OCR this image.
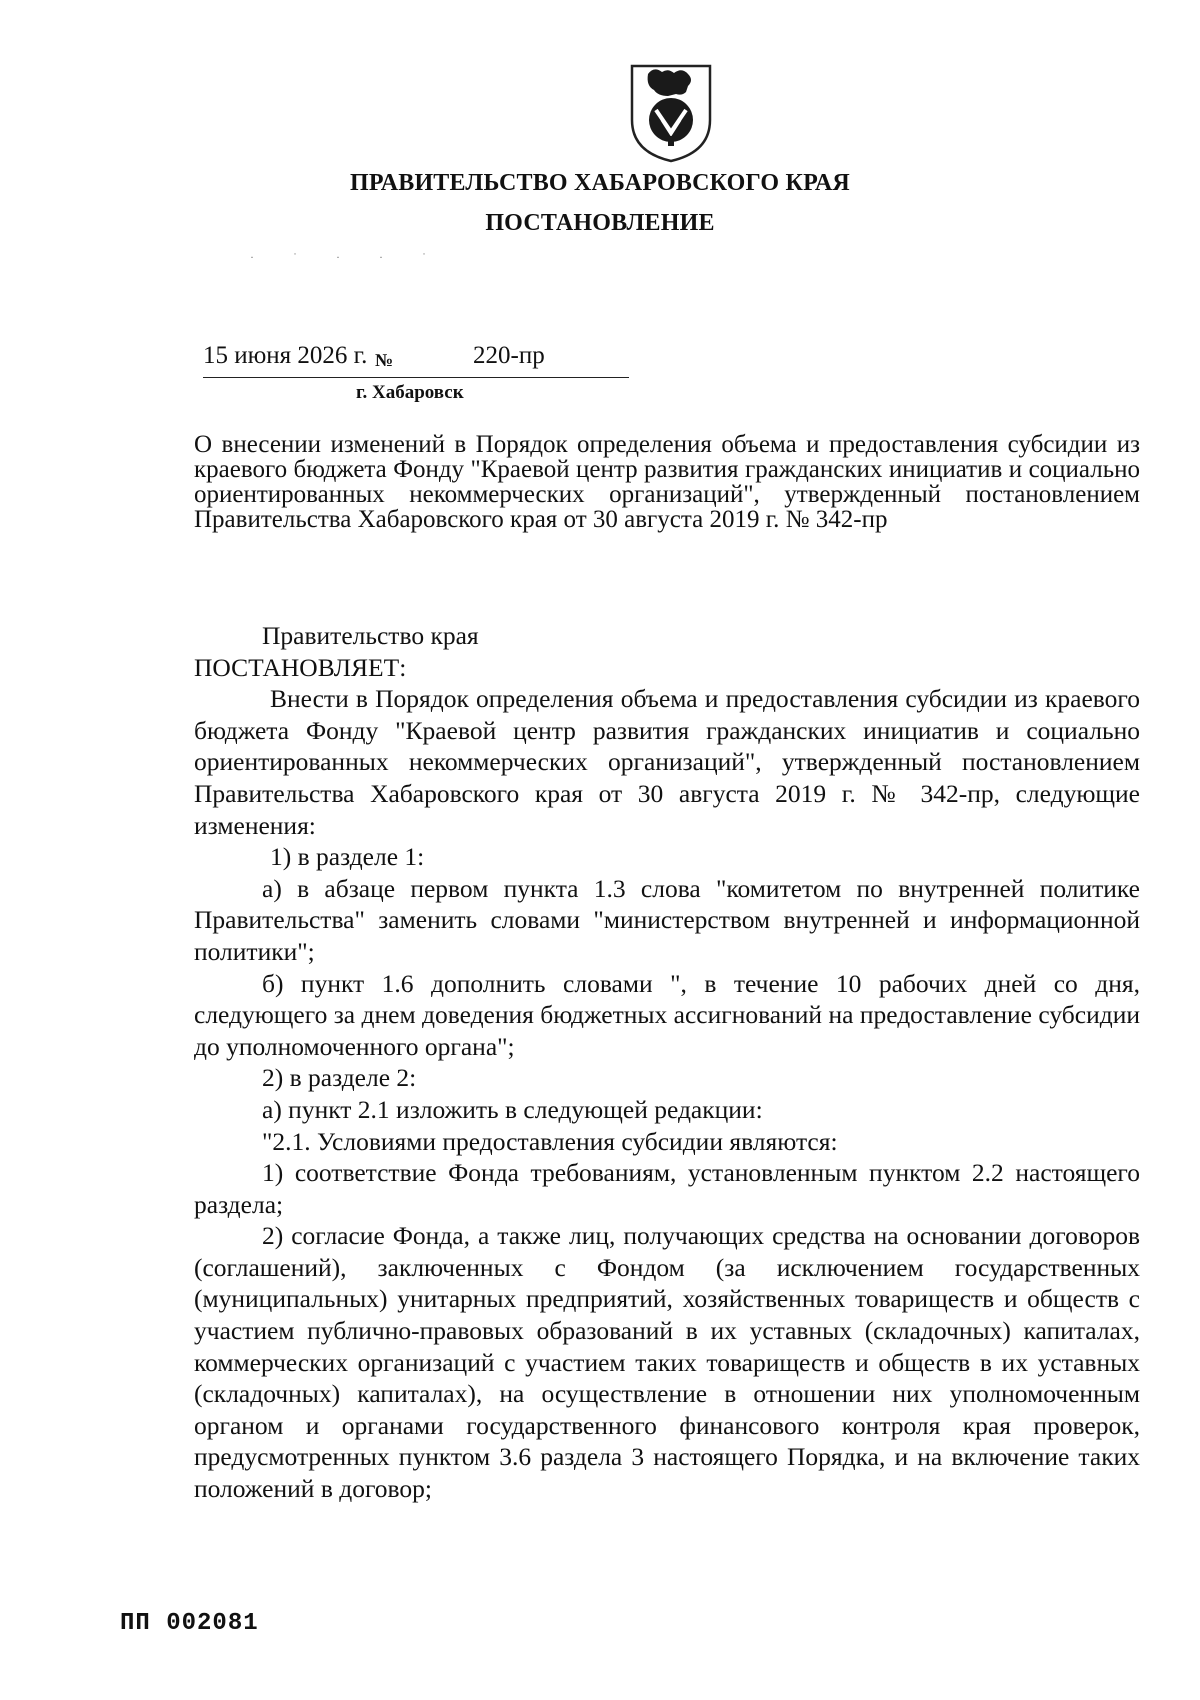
ПРАВИТЕЛЬСТВО ХАБАРОВСКОГО КРАЯ
ПОСТАНОВЛЕНИЕ
· ˙ · · ˙
15 июня 2026 г. №	220-пр
г. Хабаровск

О внесении изменений в Порядок определения объема и предоставления субсидии из краевого бюджета Фонду "Краевой центр развития гражданских инициатив и социально ориентированных некоммерческих организаций", утвержденный постановлением Правительства Хабаровского края от 30 августа 2019 г. № 342-пр

Правительство края

ПОСТАНОВЛЯЕТ:

Внести в Порядок определения объема и предоставления субсидии из краевого бюджета Фонду "Краевой центр развития гражданских инициатив и социально ориентированных некоммерческих организаций", утвержденный постановлением Правительства Хабаровского края от 30 августа 2019 г. № 342-пр, следующие изменения:

1) в разделе 1:

а) в абзаце первом пункта 1.3 слова "комитетом по внутренней политике Правительства" заменить словами "министерством внутренней и информационной политики";

б) пункт 1.6 дополнить словами ", в течение 10 рабочих дней со дня, следующего за днем доведения бюджетных ассигнований на предоставление субсидии до уполномоченного органа";

2) в разделе 2:

а) пункт 2.1 изложить в следующей редакции:

"2.1. Условиями предоставления субсидии являются:

1) соответствие Фонда требованиям, установленным пунктом 2.2 настоящего раздела;

2) согласие Фонда, а также лиц, получающих средства на основании договоров (соглашений), заключенных с Фондом (за исключением государственных (муниципальных) унитарных предприятий, хозяйственных товариществ и обществ с участием публично-правовых образований в их уставных (складочных) капиталах, коммерческих организаций с участием таких товариществ и обществ в их уставных (складочных) капиталах), на осуществление в отношении них уполномоченным органом и органами государственного финансового контроля края проверок, предусмотренных пунктом 3.6 раздела 3 настоящего Порядка, и на включение таких положений в договор;

ПП 002081
